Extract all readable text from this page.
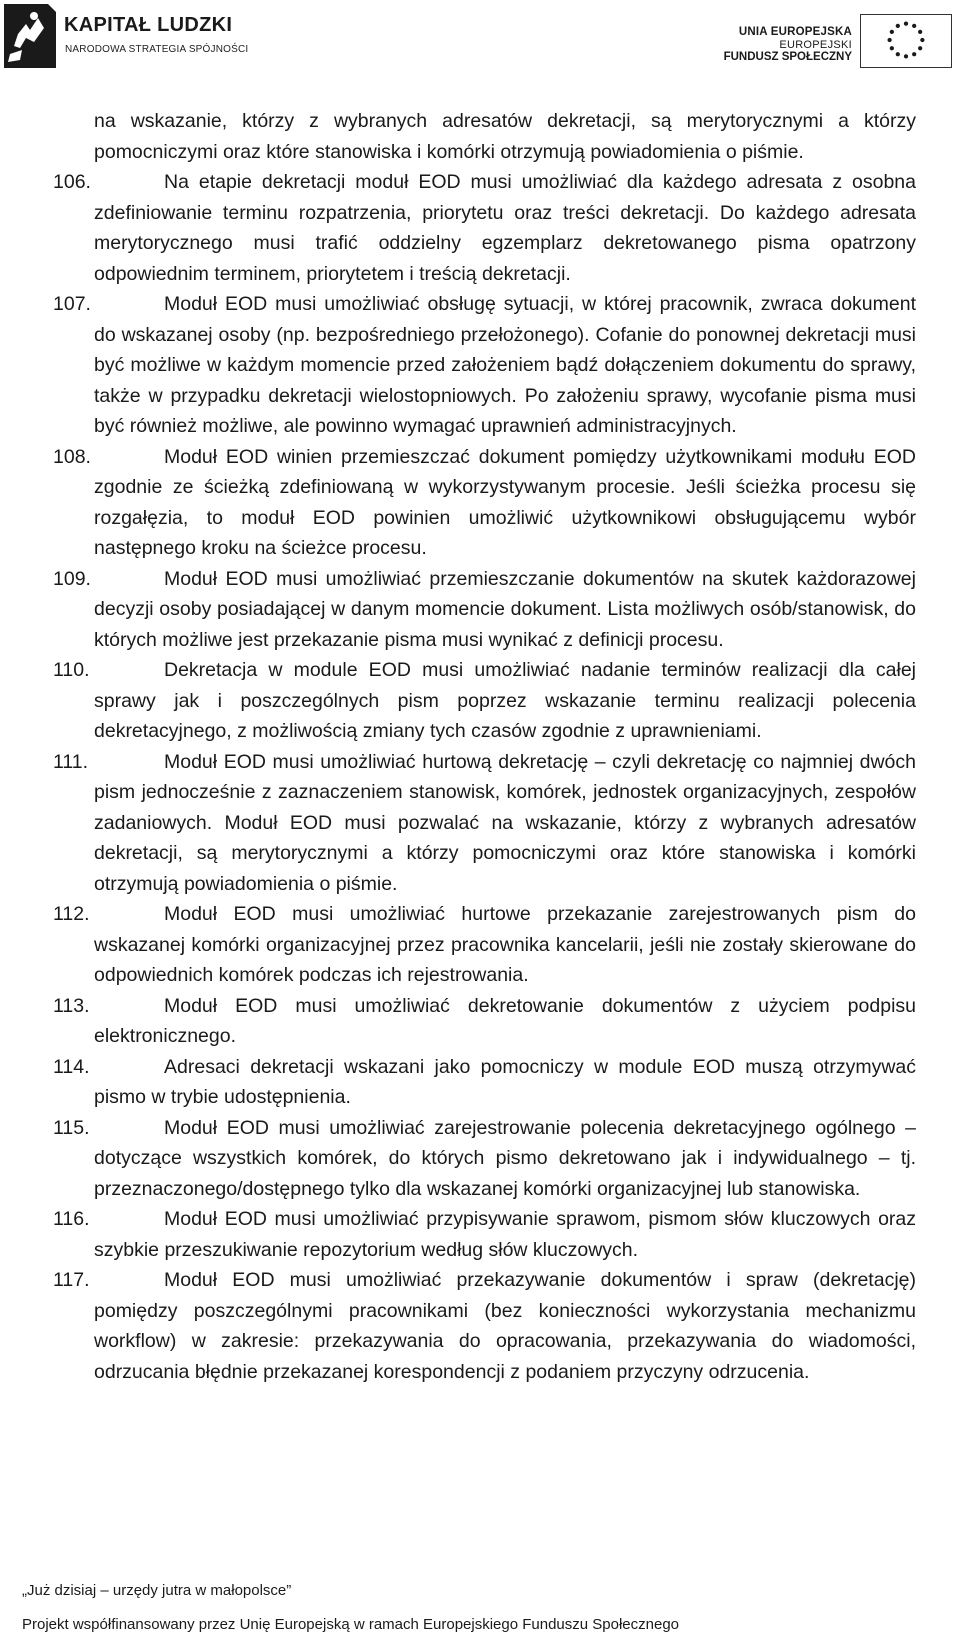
KAPITAŁ LUDZKI
NARODOWA STRATEGIA SPÓJNOŚCI
UNIA EUROPEJSKA
EUROPEJSKI
FUNDUSZ SPOŁECZNY

na wskazanie, którzy z wybranych adresatów dekretacji, są merytorycznymi a którzy pomocniczymi oraz które stanowiska i komórki otrzymują powiadomienia o piśmie.

106.	Na etapie dekretacji moduł EOD musi umożliwiać dla każdego adresata z osobna zdefiniowanie terminu rozpatrzenia, priorytetu oraz treści dekretacji. Do każdego adresata merytorycznego musi trafić oddzielny egzemplarz dekretowanego pisma opatrzony odpowiednim terminem, priorytetem i treścią dekretacji.
107.	Moduł EOD musi umożliwiać obsługę sytuacji, w której pracownik, zwraca dokument do wskazanej osoby (np. bezpośredniego przełożonego). Cofanie do ponownej dekretacji musi być możliwe w każdym momencie przed założeniem bądź dołączeniem dokumentu do sprawy, także w przypadku dekretacji wielostopniowych. Po założeniu sprawy, wycofanie pisma musi być również możliwe, ale powinno wymagać uprawnień administracyjnych.
108.	Moduł EOD winien przemieszczać dokument pomiędzy użytkownikami modułu EOD zgodnie ze ścieżką zdefiniowaną w wykorzystywanym procesie. Jeśli ścieżka procesu się rozgałęzia, to moduł EOD powinien umożliwić użytkownikowi obsługującemu wybór następnego kroku na ścieżce procesu.
109.	Moduł EOD musi umożliwiać przemieszczanie dokumentów na skutek każdorazowej decyzji osoby posiadającej w danym momencie dokument. Lista możliwych osób/stanowisk, do których możliwe jest przekazanie pisma musi wynikać z definicji procesu.
110.	Dekretacja w module EOD musi umożliwiać nadanie terminów realizacji dla całej sprawy jak i poszczególnych pism poprzez wskazanie terminu realizacji polecenia dekretacyjnego, z możliwością zmiany tych czasów zgodnie z uprawnieniami.
111.	Moduł EOD musi umożliwiać hurtową dekretację – czyli dekretację co najmniej dwóch pism jednocześnie z zaznaczeniem stanowisk, komórek, jednostek organizacyjnych, zespołów zadaniowych. Moduł EOD musi pozwalać na wskazanie, którzy z wybranych adresatów dekretacji, są merytorycznymi a którzy pomocniczymi oraz które stanowiska i komórki otrzymują powiadomienia o piśmie.
112.	Moduł EOD musi umożliwiać hurtowe przekazanie zarejestrowanych pism do wskazanej komórki organizacyjnej przez pracownika kancelarii, jeśli nie zostały skierowane do odpowiednich komórek podczas ich rejestrowania.
113.	Moduł EOD musi umożliwiać dekretowanie dokumentów z użyciem podpisu elektronicznego.
114.	Adresaci dekretacji wskazani jako pomocniczy w module EOD muszą otrzymywać pismo w trybie udostępnienia.
115.	Moduł EOD musi umożliwiać zarejestrowanie polecenia dekretacyjnego ogólnego – dotyczące wszystkich komórek, do których pismo dekretowano jak i indywidualnego – tj. przeznaczonego/dostępnego tylko dla wskazanej komórki organizacyjnej lub stanowiska.
116.	Moduł EOD musi umożliwiać przypisywanie sprawom, pismom słów kluczowych oraz szybkie przeszukiwanie repozytorium według słów kluczowych.
117.	Moduł EOD musi umożliwiać przekazywanie dokumentów i spraw (dekretację) pomiędzy poszczególnymi pracownikami (bez konieczności wykorzystania mechanizmu workflow) w zakresie: przekazywania do opracowania, przekazywania do wiadomości, odrzucania błędnie przekazanej korespondencji z podaniem przyczyny odrzucenia.
„Już dzisiaj – urzędy jutra w małopolsce”
Projekt współfinansowany przez Unię Europejską w ramach Europejskiego Funduszu Społecznego
